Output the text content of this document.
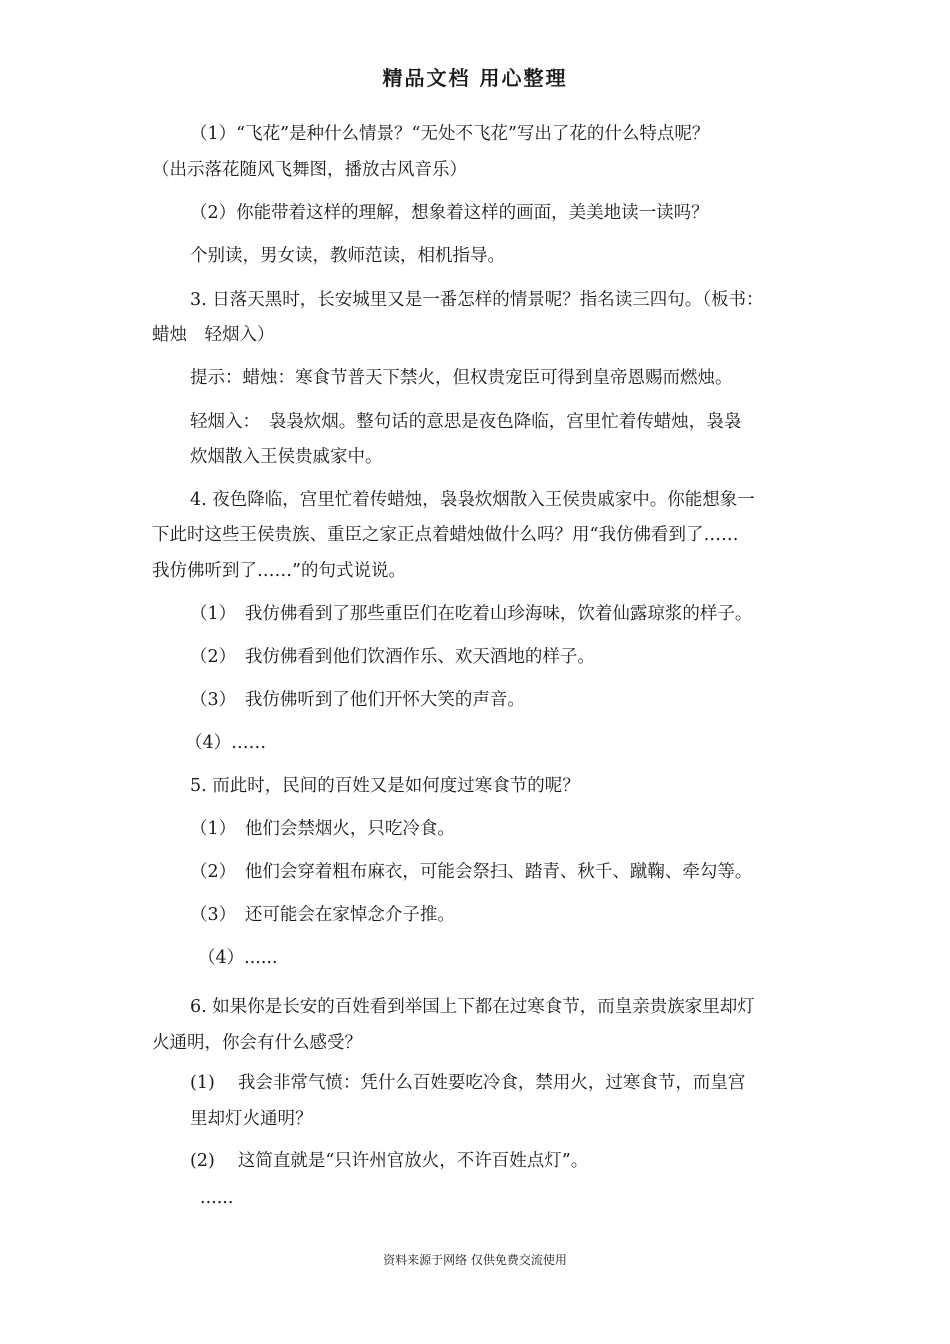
精品文档 用心整理
（1）“飞花”是种什么情景？“无处不飞花”写出了花的什么特点呢？
（出示落花随风飞舞图，播放古风音乐）
（2）你能带着这样的理解，想象着这样的画面，美美地读一读吗？
个别读，男女读，教师范读，相机指导。
3. 日落天黑时，长安城里又是一番怎样的情景呢？指名读三四句。（板书：
蜡烛　轻烟入）
提示：蜡烛：寒食节普天下禁火，但权贵宠臣可得到皇帝恩赐而燃烛。
轻烟入：　袅袅炊烟。整句话的意思是夜色降临，宫里忙着传蜡烛，袅袅
炊烟散入王侯贵戚家中。
4. 夜色降临，宫里忙着传蜡烛，袅袅炊烟散入王侯贵戚家中。你能想象一
下此时这些王侯贵族、重臣之家正点着蜡烛做什么吗？用“我仿佛看到了……
我仿佛听到了……”的句式说说。
（1）　我仿佛看到了那些重臣们在吃着山珍海味，饮着仙露琼浆的样子。
（2）　我仿佛看到他们饮酒作乐、欢天酒地的样子。
（3）　我仿佛听到了他们开怀大笑的声音。
（4）……
5. 而此时，民间的百姓又是如何度过寒食节的呢？
（1）　他们会禁烟火，只吃冷食。
（2）　他们会穿着粗布麻衣，可能会祭扫、踏青、秋千、蹴鞠、牵勾等。
（3）　还可能会在家悼念介子推。
（4）......
6. 如果你是长安的百姓看到举国上下都在过寒食节，而皇亲贵族家里却灯
火通明，你会有什么感受？
(1)　 我会非常气愤：凭什么百姓要吃冷食，禁用火，过寒食节，而皇宫
里却灯火通明？
(2)　 这简直就是“只许州官放火，不许百姓点灯”。
......
资料来源于网络 仅供免费交流使用
